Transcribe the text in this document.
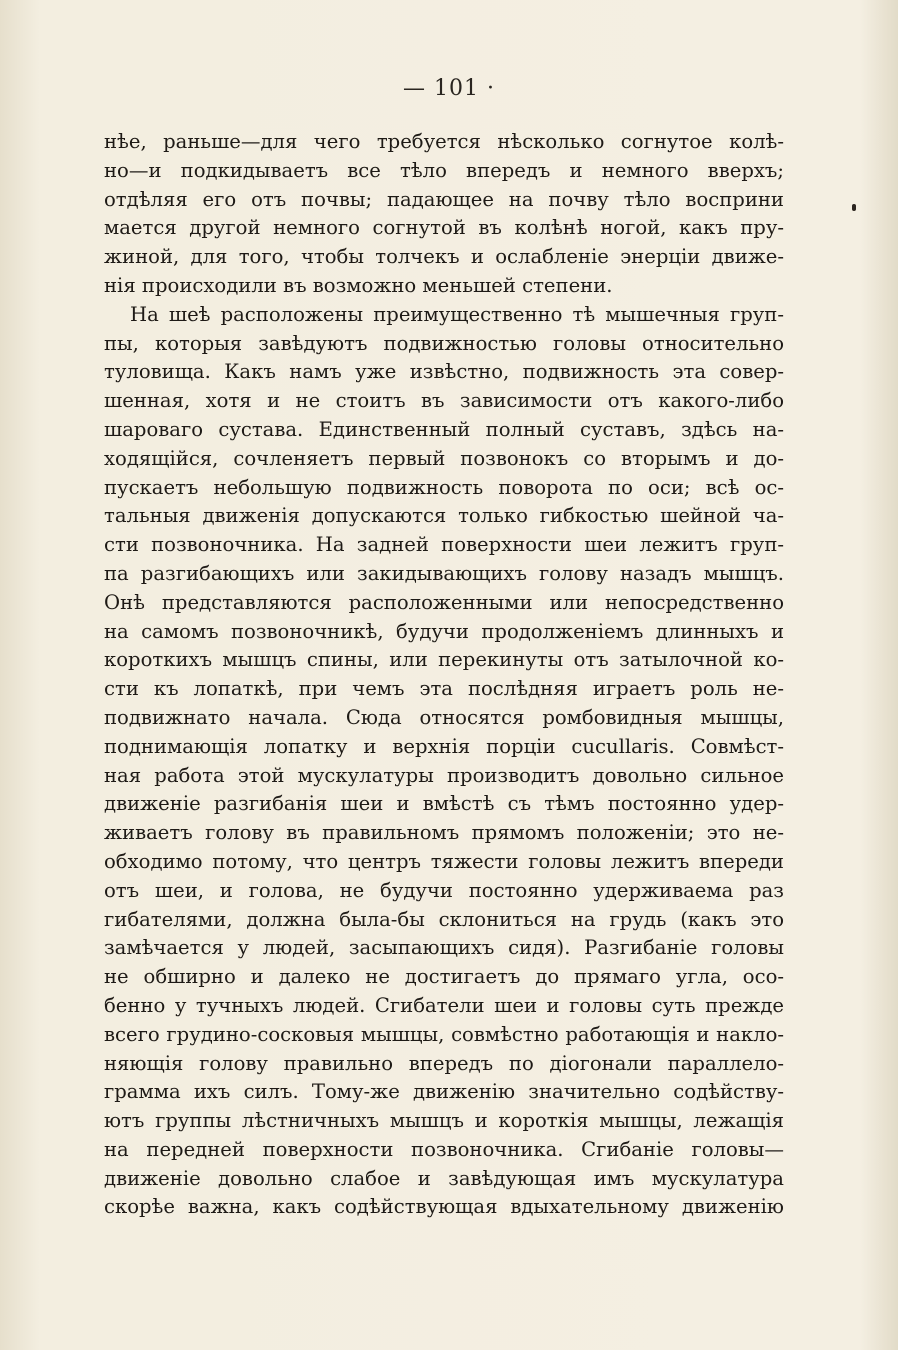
— 101 ·
нѣе, раньше—для чего требуется нѣсколько согнутое колѣ-
но—и подкидываетъ все тѣло впередъ и немного вверхъ;
отдѣляя его отъ почвы; падающее на почву тѣло восприни
мается другой немного согнутой въ колѣнѣ ногой, какъ пру-
жиной, для того, чтобы толчекъ и ослабленіе энерціи движе-
нія происходили въ возможно меньшей степени.
На шеѣ расположены преимущественно тѣ мышечныя груп-
пы, которыя завѣдуютъ подвижностью головы относительно
туловища. Какъ намъ уже извѣстно, подвижность эта совер-
шенная, хотя и не стоитъ въ зависимости отъ какого-либо
шароваго сустава. Единственный полный суставъ, здѣсь на-
ходящійся, сочленяетъ первый позвонокъ со вторымъ и до-
пускаетъ небольшую подвижность поворота по оси; всѣ ос-
тальныя движенія допускаются только гибкостью шейной ча-
сти позвоночника. На задней поверхности шеи лежитъ груп-
па разгибающихъ или закидывающихъ голову назадъ мышцъ.
Онѣ представляются расположенными или непосредственно
на самомъ позвоночникѣ, будучи продолженіемъ длинныхъ и
короткихъ мышцъ спины, или перекинуты отъ затылочной ко-
сти къ лопаткѣ, при чемъ эта послѣдняя играетъ роль не-
подвижнато начала. Сюда относятся ромбовидныя мышцы,
поднимающія лопатку и верхнія порціи cucullaris. Совмѣст-
ная работа этой мускулатуры производитъ довольно сильное
движеніе разгибанія шеи и вмѣстѣ съ тѣмъ постоянно удер-
живаетъ голову въ правильномъ прямомъ положеніи; это не-
обходимо потому, что центръ тяжести головы лежитъ впереди
отъ шеи, и голова, не будучи постоянно удерживаема раз
гибателями, должна была-бы склониться на грудь (какъ это
замѣчается у людей, засыпающихъ сидя). Разгибаніе головы
не обширно и далеко не достигаетъ до прямаго угла, осо-
бенно у тучныхъ людей. Сгибатели шеи и головы суть прежде
всего грудино-сосковыя мышцы, совмѣстно работающія и накло-
няющія голову правильно впередъ по діогонали параллело-
грамма ихъ силъ. Тому-же движенію значительно содѣйству-
ютъ группы лѣстничныхъ мышцъ и короткія мышцы, лежащія
на передней поверхности позвоночника. Сгибаніе головы—
движеніе довольно слабое и завѣдующая имъ мускулатура
скорѣе важна, какъ содѣйствующая вдыхательному движенію
